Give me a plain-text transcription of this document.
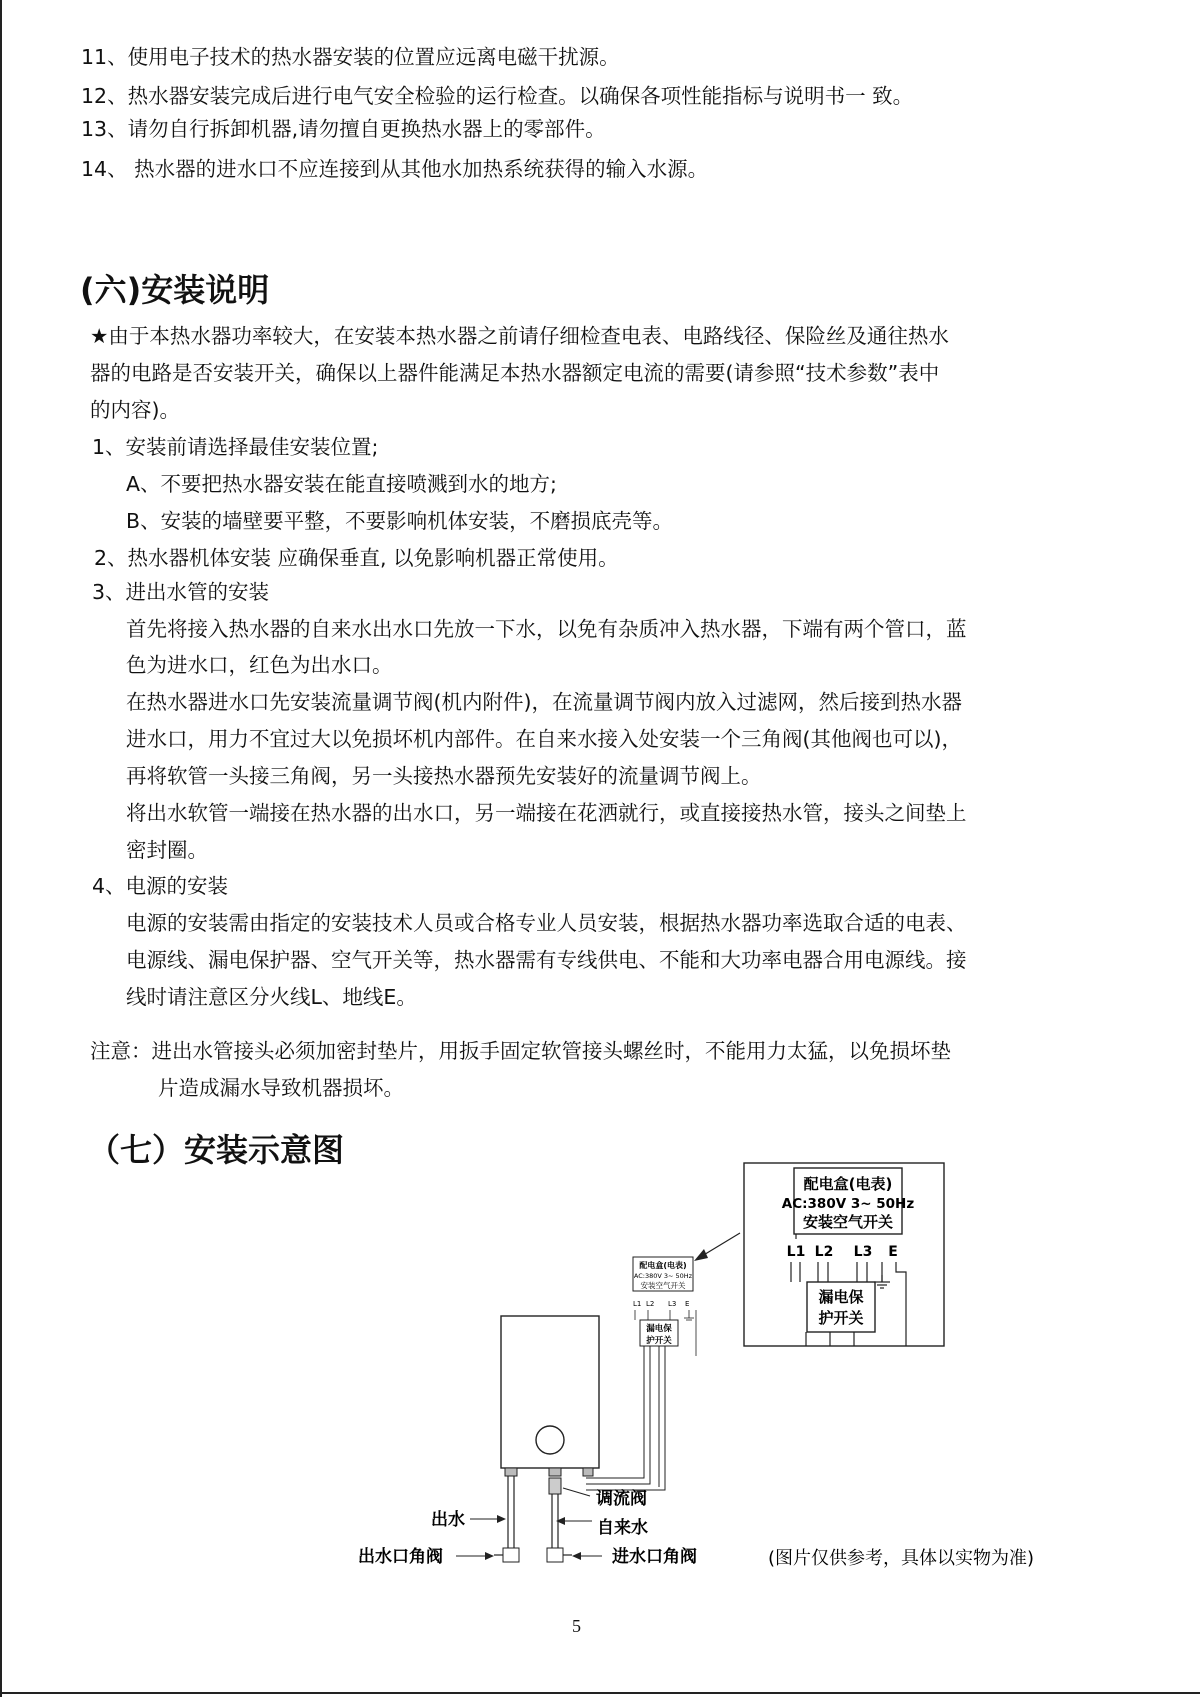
11、使用电子技术的热水器安装的位置应远离电磁干扰源。
12、热水器安装完成后进行电气安全检验的运行检查。以确保各项性能指标与说明书一 致。
13、请勿自行拆卸机器,请勿擅自更换热水器上的零部件。
14、 热水器的进水口不应连接到从其他水加热系统获得的输入水源。
(六)安装说明
★由于本热水器功率较大，在安装本热水器之前请仔细检查电表、电路线径、保险丝及通往热水
器的电路是否安装开关，确保以上器件能满足本热水器额定电流的需要(请参照“技术参数”表中
的内容)。
1、安装前请选择最佳安装位置;
A、不要把热水器安装在能直接喷溅到水的地方;
B、安装的墙壁要平整，不要影响机体安装，不磨损底壳等。
2、热水器机体安装 应确保垂直, 以免影响机器正常使用。
3、进出水管的安装
首先将接入热水器的自来水出水口先放一下水，以免有杂质冲入热水器，下端有两个管口，蓝
色为进水口，红色为出水口。
在热水器进水口先安装流量调节阀(机内附件)，在流量调节阀内放入过滤网，然后接到热水器
进水口，用力不宜过大以免损坏机内部件。在自来水接入处安装一个三角阀(其他阀也可以)，
再将软管一头接三角阀，另一头接热水器预先安装好的流量调节阀上。
将出水软管一端接在热水器的出水口，另一端接在花洒就行，或直接接热水管，接头之间垫上
密封圈。
4、电源的安装
电源的安装需由指定的安装技术人员或合格专业人员安装，根据热水器功率选取合适的电表、
电源线、漏电保护器、空气开关等，热水器需有专线供电、不能和大功率电器合用电源线。接
线时请注意区分火线L、地线E。
注意：进出水管接头必须加密封垫片，用扳手固定软管接头螺丝时，不能用力太猛，以免损坏垫
片造成漏水导致机器损坏。
（七）安装示意图
配电盒(电表)
AC:380V 3~ 50Hz
安装空气开关
L1 L2 L3 E
漏电保
护开关
配电盒(电表)
AC:380V 3~ 50Hz
安装空气开关
L1 L2 L3 E
漏电保
护开关
调流阀
出水	自来水
出水口角阀	进水口角阀	(图片仅供参考，具体以实物为准)
5
